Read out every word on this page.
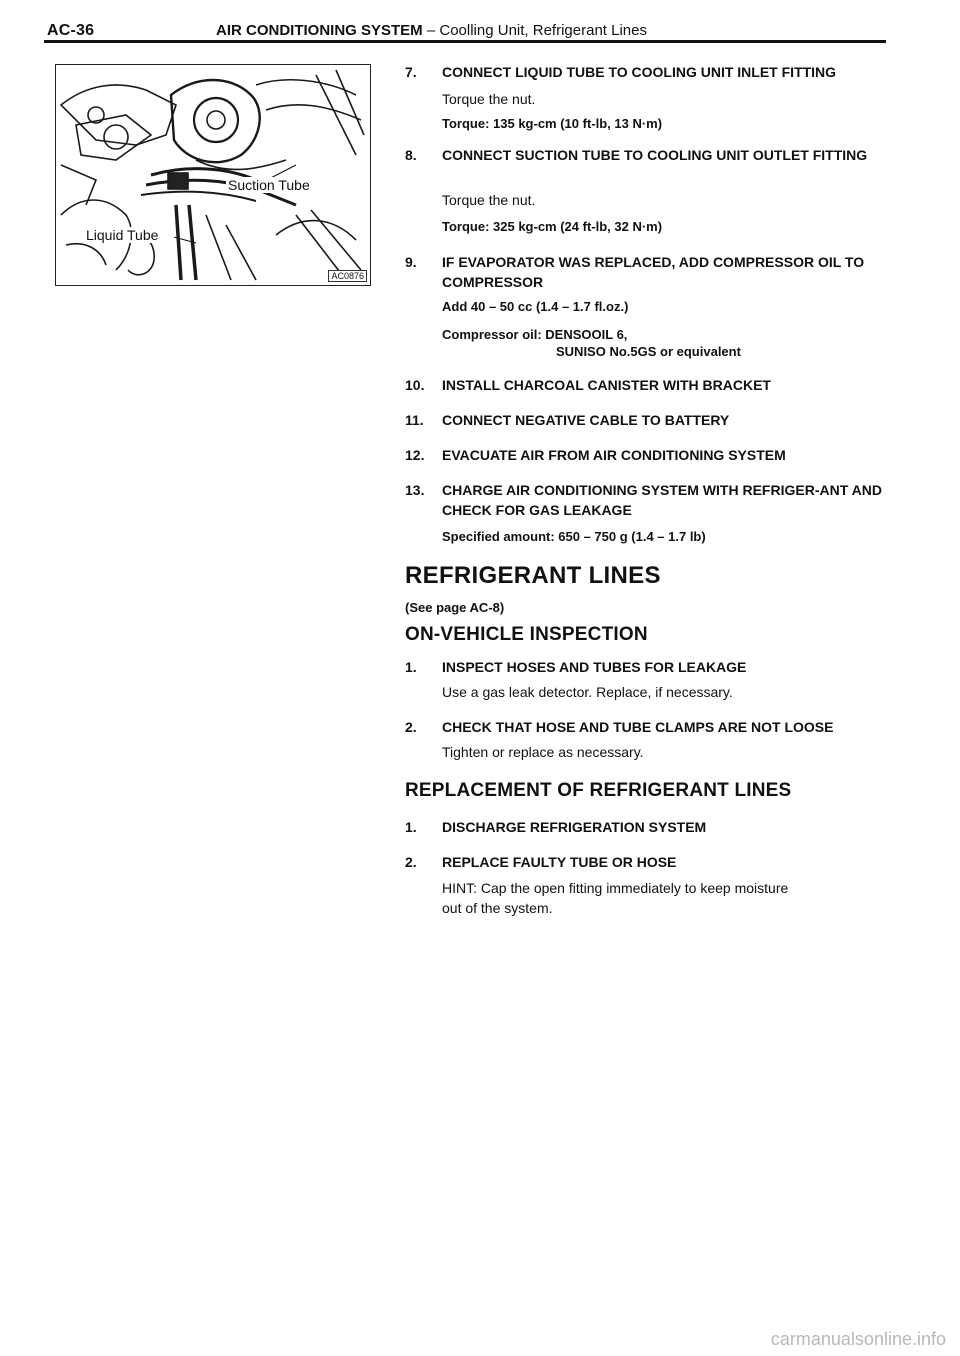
AC-36	AIR CONDITIONING SYSTEM – Coolling Unit, Refrigerant Lines
Suction Tube
Liquid Tube
AC0876
7. CONNECT LIQUID TUBE TO COOLING UNIT INLET FITTING
Torque the nut.
Torque: 135 kg-cm (10 ft-lb, 13 N·m)
8. CONNECT SUCTION TUBE TO COOLING UNIT OUTLET FITTING
Torque the nut.
Torque: 325 kg-cm (24 ft-lb, 32 N·m)
9. IF EVAPORATOR WAS REPLACED, ADD COMPRESSOR OIL TO COMPRESSOR
Add 40 – 50 cc (1.4 – 1.7 fl.oz.)
Compressor oil: DENSOOIL 6,
SUNISO No.5GS or equivalent
10. INSTALL CHARCOAL CANISTER WITH BRACKET
11. CONNECT NEGATIVE CABLE TO BATTERY
12. EVACUATE AIR FROM AIR CONDITIONING SYSTEM
13. CHARGE AIR CONDITIONING SYSTEM WITH REFRIGER-ANT AND CHECK FOR GAS LEAKAGE
Specified amount: 650 – 750 g (1.4 – 1.7 lb)
REFRIGERANT LINES
(See page AC-8)
ON-VEHICLE INSPECTION
1. INSPECT HOSES AND TUBES FOR LEAKAGE
Use a gas leak detector. Replace, if necessary.
2. CHECK THAT HOSE AND TUBE CLAMPS ARE NOT LOOSE
Tighten or replace as necessary.
REPLACEMENT OF REFRIGERANT LINES
1. DISCHARGE REFRIGERATION SYSTEM
2. REPLACE FAULTY TUBE OR HOSE
HINT: Cap the open fitting immediately to keep moisture
out of the system.
carmanualsonline.info
